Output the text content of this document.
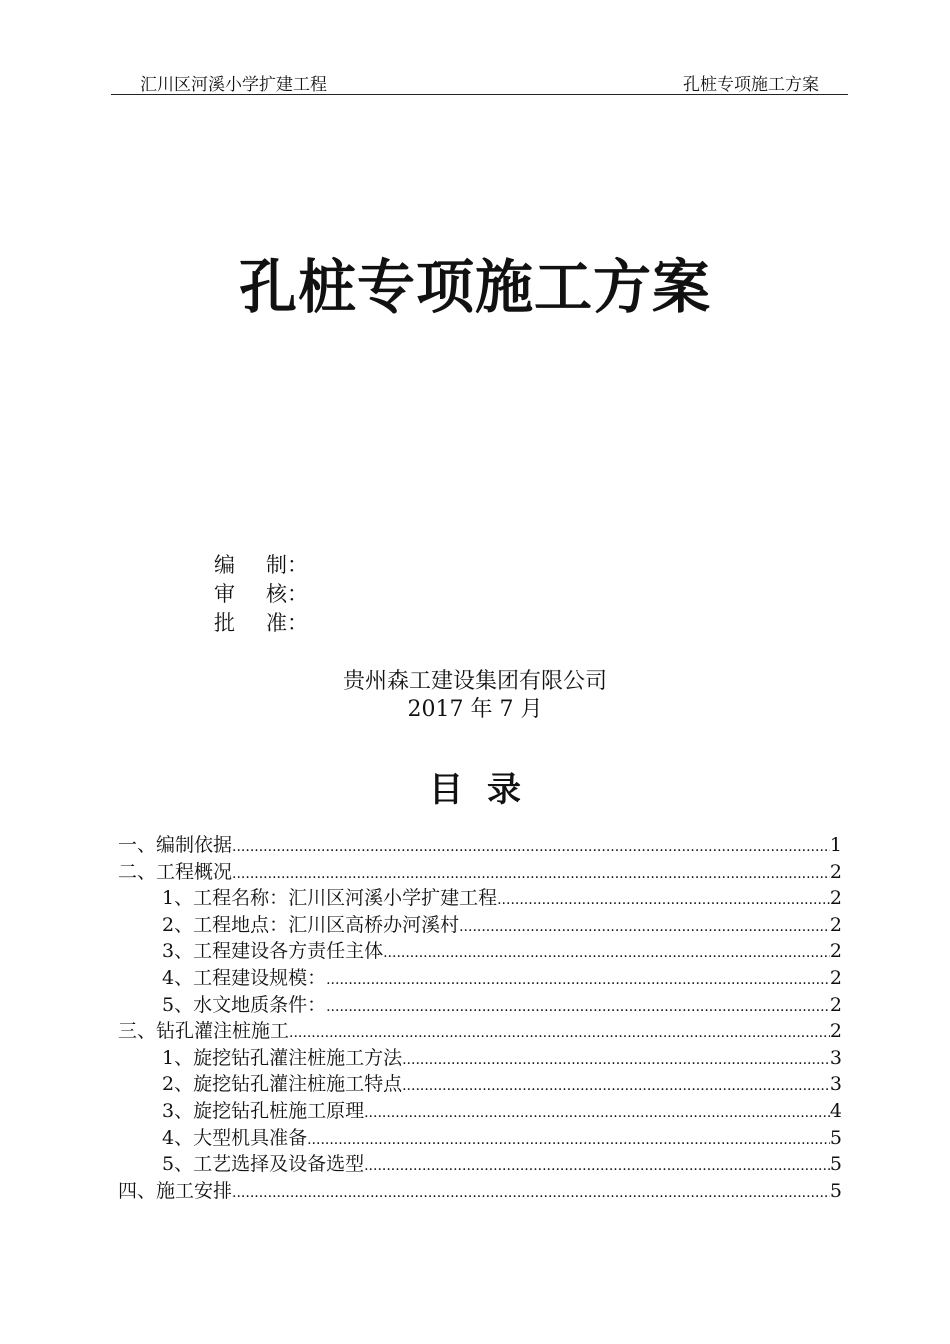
汇川区河溪小学扩建工程	孔桩专项施工方案
孔桩专项施工方案
编 制：
审 核：
批 准：
贵州森工建设集团有限公司
2017 年 7 月
目录
一、编制依据 .....	1
二、工程概况 .....	2
1、工程名称：汇川区河溪小学扩建工程 .....	2
2、工程地点：汇川区高桥办河溪村 .....	2
3、工程建设各方责任主体 .....	2
4、工程建设规模： .....	2
5、水文地质条件： .....	2
三、钻孔灌注桩施工 .....	2
1、旋挖钻孔灌注桩施工方法 .....	3
2、旋挖钻孔灌注桩施工特点 .....	3
3、旋挖钻孔桩施工原理 .....	4
4、大型机具准备 .....	5
5、工艺选择及设备选型 .....	5
四、施工安排 .....	5
